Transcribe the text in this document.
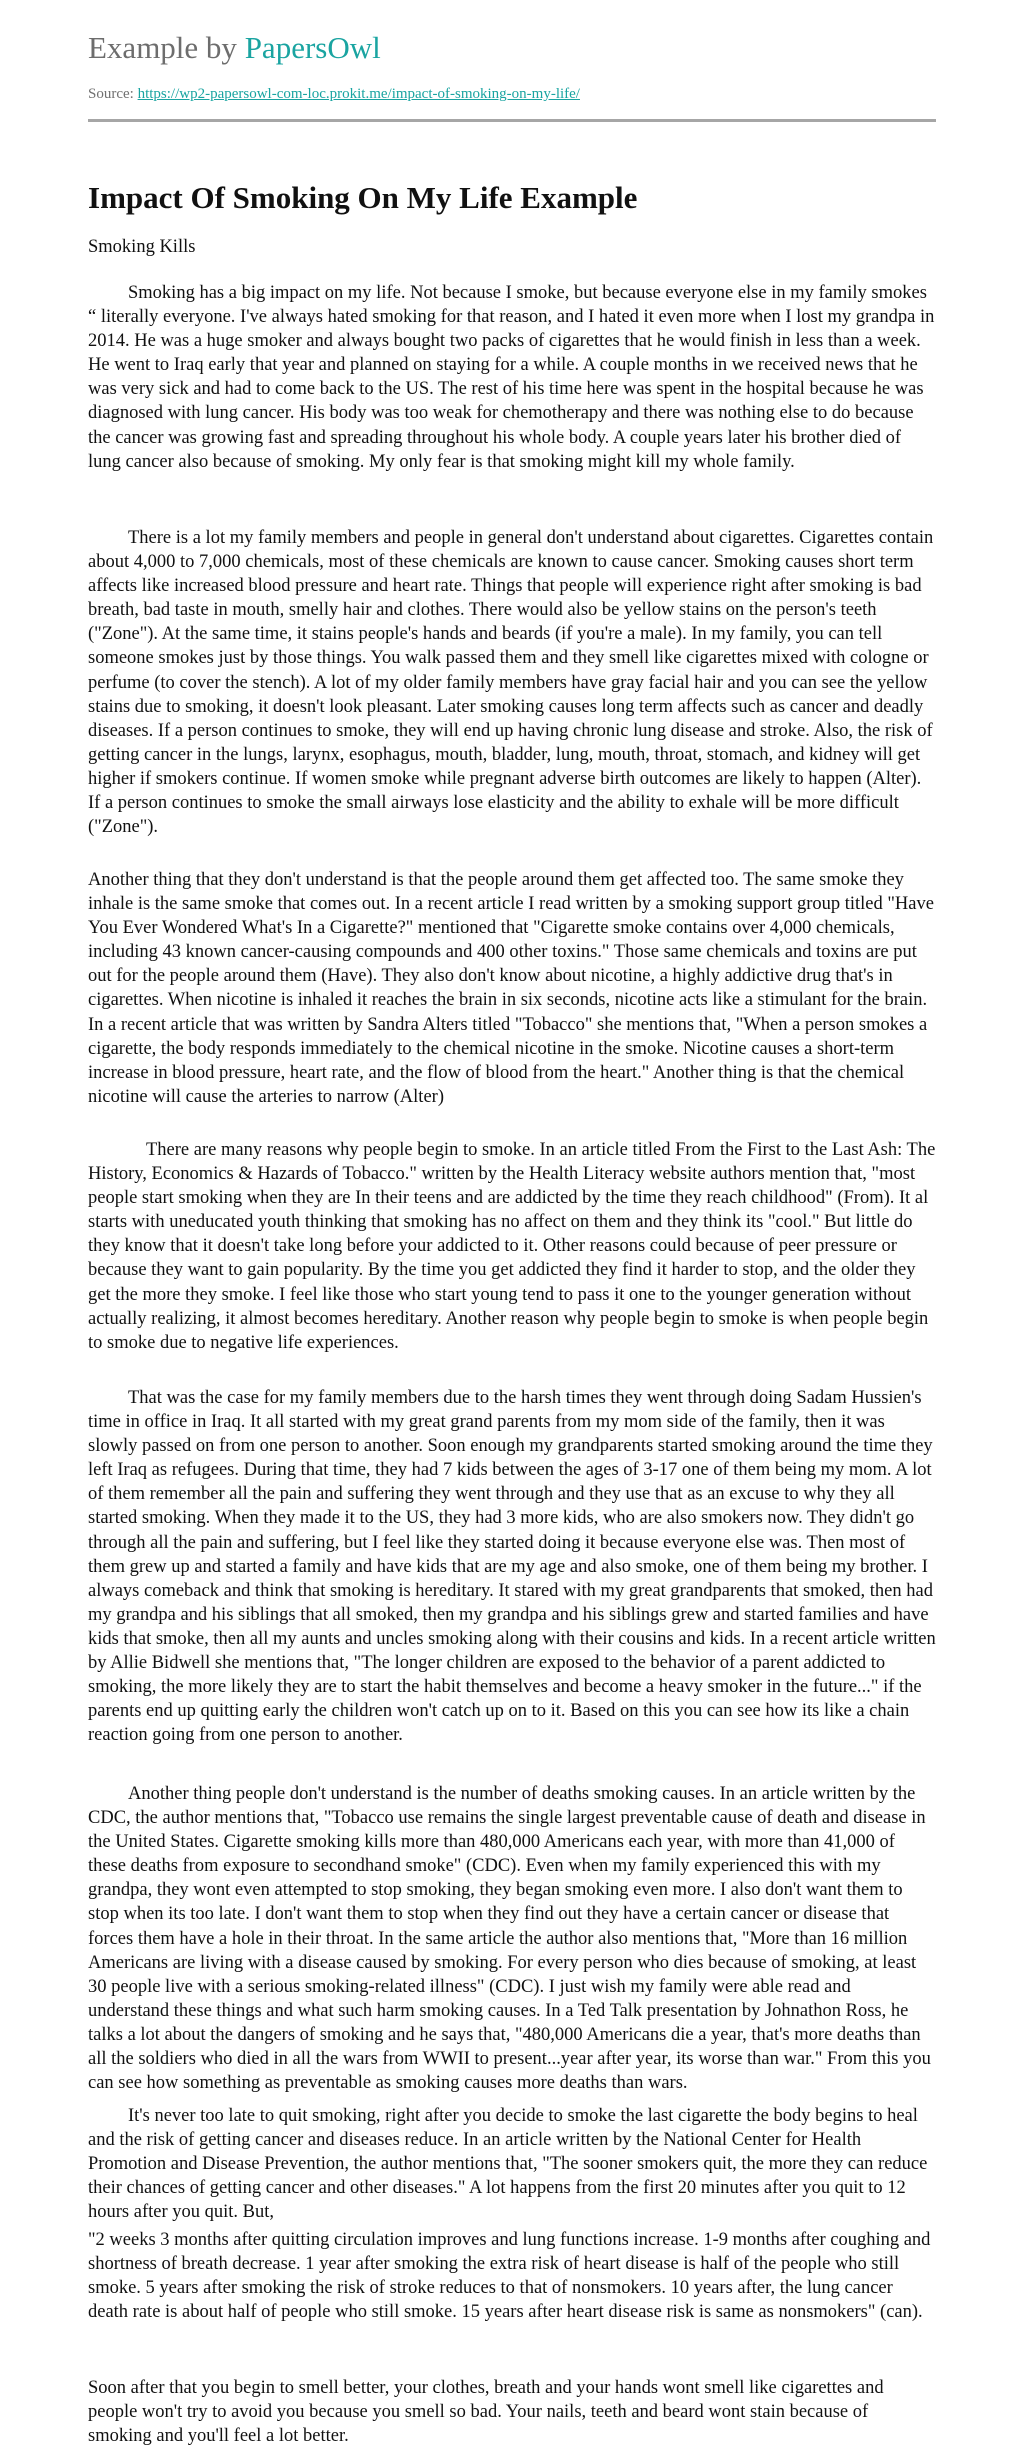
Example by PapersOwl
Source: https://wp2-papersowl-com-loc.prokit.me/impact-of-smoking-on-my-life/
Impact Of Smoking On My Life Example
Smoking Kills

Smoking has a big impact on my life. Not because I smoke, but because everyone else in my family smokes “ literally everyone. I've always hated smoking for that reason, and I hated it even more when I lost my grandpa in 2014. He was a huge smoker and always bought two packs of cigarettes that he would finish in less than a week. He went to Iraq early that year and planned on staying for a while. A couple months in we received news that he was very sick and had to come back to the US. The rest of his time here was spent in the hospital because he was diagnosed with lung cancer. His body was too weak for chemotherapy and there was nothing else to do because the cancer was growing fast and spreading throughout his whole body. A couple years later his brother died of lung cancer also because of smoking. My only fear is that smoking might kill my whole family.

There is a lot my family members and people in general don't understand about cigarettes. Cigarettes contain about 4,000 to 7,000 chemicals, most of these chemicals are known to cause cancer. Smoking causes short term affects like increased blood pressure and heart rate. Things that people will experience right after smoking is bad breath, bad taste in mouth, smelly hair and clothes. There would also be yellow stains on the person's teeth ("Zone"). At the same time, it stains people's hands and beards (if you're a male). In my family, you can tell someone smokes just by those things. You walk passed them and they smell like cigarettes mixed with cologne or perfume (to cover the stench). A lot of my older family members have gray facial hair and you can see the yellow stains due to smoking, it doesn't look pleasant. Later smoking causes long term affects such as cancer and deadly diseases. If a person continues to smoke, they will end up having chronic lung disease and stroke. Also, the risk of getting cancer in the lungs, larynx, esophagus, mouth, bladder, lung, mouth, throat, stomach, and kidney will get higher if smokers continue. If women smoke while pregnant adverse birth outcomes are likely to happen (Alter). If a person continues to smoke the small airways lose elasticity and the ability to exhale will be more difficult ("Zone").

Another thing that they don't understand is that the people around them get affected too. The same smoke they inhale is the same smoke that comes out. In a recent article I read written by a smoking support group titled "Have You Ever Wondered What's In a Cigarette?" mentioned that "Cigarette smoke contains over 4,000 chemicals, including 43 known cancer-causing compounds and 400 other toxins." Those same chemicals and toxins are put out for the people around them (Have). They also don't know about nicotine, a highly addictive drug that's in cigarettes. When nicotine is inhaled it reaches the brain in six seconds, nicotine acts like a stimulant for the brain. In a recent article that was written by Sandra Alters titled "Tobacco" she mentions that, "When a person smokes a cigarette, the body responds immediately to the chemical nicotine in the smoke. Nicotine causes a short-term increase in blood pressure, heart rate, and the flow of blood from the heart." Another thing is that the chemical nicotine will cause the arteries to narrow (Alter)

There are many reasons why people begin to smoke. In an article titled From the First to the Last Ash: The History, Economics & Hazards of Tobacco." written by the Health Literacy website authors mention that, "most people start smoking when they are In their teens and are addicted by the time they reach childhood" (From). It al starts with uneducated youth thinking that smoking has no affect on them and they think its "cool." But little do they know that it doesn't take long before your addicted to it. Other reasons could because of peer pressure or because they want to gain popularity. By the time you get addicted they find it harder to stop, and the older they get the more they smoke. I feel like those who start young tend to pass it one to the younger generation without actually realizing, it almost becomes hereditary. Another reason why people begin to smoke is when people begin to smoke due to negative life experiences.

That was the case for my family members due to the harsh times they went through doing Sadam Hussien's time in office in Iraq. It all started with my great grand parents from my mom side of the family, then it was slowly passed on from one person to another. Soon enough my grandparents started smoking around the time they left Iraq as refugees. During that time, they had 7 kids between the ages of 3-17 one of them being my mom. A lot of them remember all the pain and suffering they went through and they use that as an excuse to why they all started smoking. When they made it to the US, they had 3 more kids, who are also smokers now. They didn't go through all the pain and suffering, but I feel like they started doing it because everyone else was. Then most of them grew up and started a family and have kids that are my age and also smoke, one of them being my brother. I always comeback and think that smoking is hereditary. It stared with my great grandparents that smoked, then had my grandpa and his siblings that all smoked, then my grandpa and his siblings grew and started families and have kids that smoke, then all my aunts and uncles smoking along with their cousins and kids. In a recent article written by Allie Bidwell she mentions that, "The longer children are exposed to the behavior of a parent addicted to smoking, the more likely they are to start the habit themselves and become a heavy smoker in the future..." if the parents end up quitting early the children won't catch up on to it. Based on this you can see how its like a chain reaction going from one person to another.

Another thing people don't understand is the number of deaths smoking causes. In an article written by the CDC, the author mentions that, "Tobacco use remains the single largest preventable cause of death and disease in the United States. Cigarette smoking kills more than 480,000 Americans each year, with more than 41,000 of these deaths from exposure to secondhand smoke" (CDC). Even when my family experienced this with my grandpa, they wont even attempted to stop smoking, they began smoking even more. I also don't want them to stop when its too late. I don't want them to stop when they find out they have a certain cancer or disease that forces them have a hole in their throat. In the same article the author also mentions that, "More than 16 million Americans are living with a disease caused by smoking. For every person who dies because of smoking, at least 30 people live with a serious smoking-related illness" (CDC). I just wish my family were able read and understand these things and what such harm smoking causes. In a Ted Talk presentation by Johnathon Ross, he talks a lot about the dangers of smoking and he says that, "480,000 Americans die a year, that's more deaths than all the soldiers who died in all the wars from WWII to present...year after year, its worse than war." From this you can see how something as preventable as smoking causes more deaths than wars.

It's never too late to quit smoking, right after you decide to smoke the last cigarette the body begins to heal and the risk of getting cancer and diseases reduce. In an article written by the National Center for Health Promotion and Disease Prevention, the author mentions that, "The sooner smokers quit, the more they can reduce their chances of getting cancer and other diseases." A lot happens from the first 20 minutes after you quit to 12 hours after you quit. But,

"2 weeks 3 months after quitting circulation improves and lung functions increase. 1-9 months after coughing and shortness of breath decrease. 1 year after smoking the extra risk of heart disease is half of the people who still smoke. 5 years after smoking the risk of stroke reduces to that of nonsmokers. 10 years after, the lung cancer death rate is about half of people who still smoke. 15 years after heart disease risk is same as nonsmokers" (can).

Soon after that you begin to smell better, your clothes, breath and your hands wont smell like cigarettes and people won't try to avoid you because you smell so bad. Your nails, teeth and beard wont stain because of smoking and you'll feel a lot better.
